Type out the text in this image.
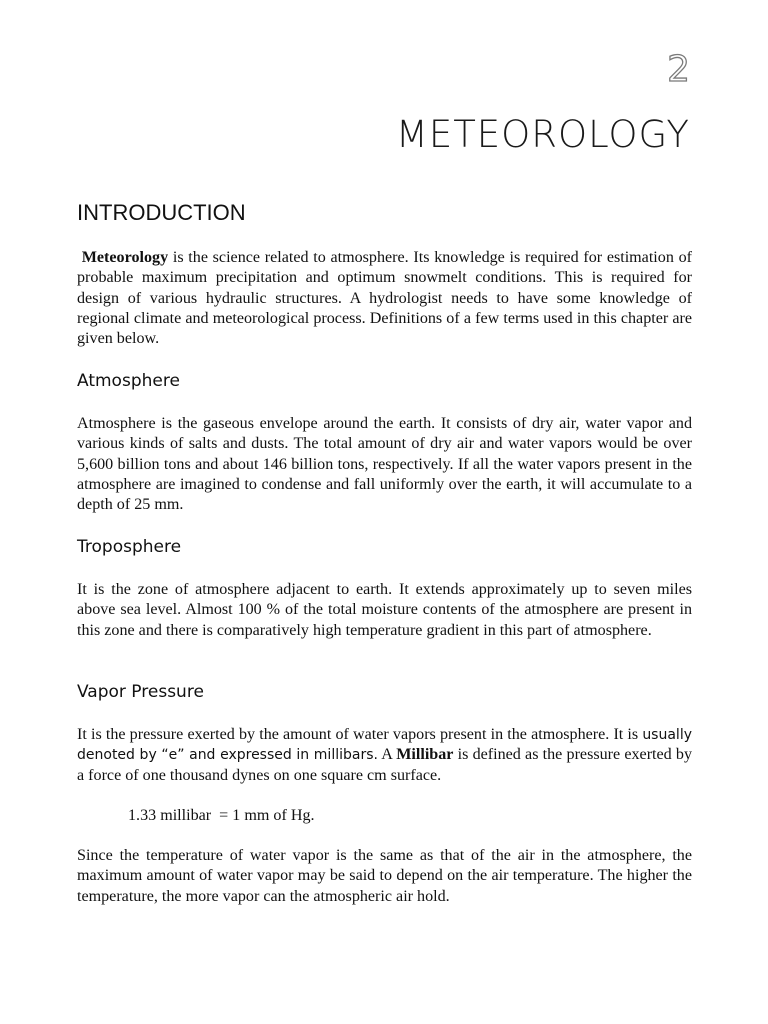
2
METEOROLOGY
INTRODUCTION

Meteorology is the science related to atmosphere. Its knowledge is required for estimation of probable maximum precipitation and optimum snowmelt conditions. This is required for design of various hydraulic structures. A hydrologist needs to have some knowledge of regional climate and meteorological process. Definitions of a few terms used in this chapter are given below.

Atmosphere

Atmosphere is the gaseous envelope around the earth. It consists of dry air, water vapor and various kinds of salts and dusts. The total amount of dry air and water vapors would be over 5,600 billion tons and about 146 billion tons, respectively. If all the water vapors present in the atmosphere are imagined to condense and fall uniformly over the earth, it will accumulate to a depth of 25 mm.

Troposphere

It is the zone of atmosphere adjacent to earth. It extends approximately up to seven miles above sea level. Almost 100 % of the total moisture contents of the atmosphere are present in this zone and there is comparatively high temperature gradient in this part of atmosphere.

Vapor Pressure

It is the pressure exerted by the amount of water vapors present in the atmosphere. It is usually denoted by “e” and expressed in millibars. A Millibar is defined as the pressure exerted by a force of one thousand dynes on one square cm surface.

1.33 millibar  = 1 mm of Hg.

Since the temperature of water vapor is the same as that of the air in the atmosphere, the maximum amount of water vapor may be said to depend on the air temperature. The higher the temperature, the more vapor can the atmospheric air hold.
